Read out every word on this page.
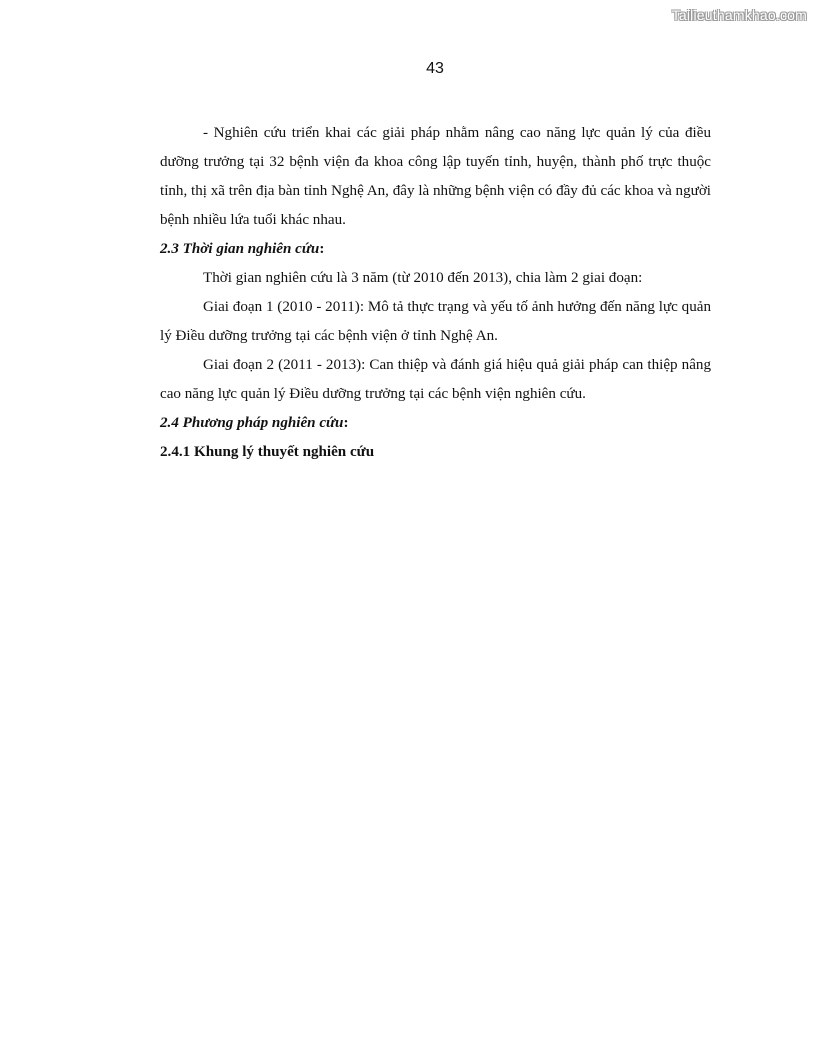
Tailieuthamkhao.com
43

- Nghiên cứu triển khai các giải pháp nhằm nâng cao năng lực quản lý của điều dưỡng trưởng tại 32 bệnh viện đa khoa công lập tuyến tỉnh, huyện, thành phố trực thuộc tỉnh, thị xã trên địa bàn tỉnh Nghệ An, đây là những bệnh viện có đầy đủ các khoa và người bệnh nhiều lứa tuổi khác nhau.

2.3 Thời gian nghiên cứu:

Thời gian nghiên cứu là 3 năm (từ 2010 đến 2013), chia làm 2 giai đoạn:

Giai đoạn 1 (2010 - 2011): Mô tả thực trạng và yếu tố ảnh hưởng đến năng lực quản lý Điều dưỡng trưởng tại các bệnh viện ở tỉnh Nghệ An.

Giai đoạn 2 (2011 - 2013): Can thiệp và đánh giá hiệu quả giải pháp can thiệp nâng cao năng lực quản lý Điều dưỡng trưởng tại các bệnh viện nghiên cứu.

2.4 Phương pháp nghiên cứu:

2.4.1 Khung lý thuyết nghiên cứu
